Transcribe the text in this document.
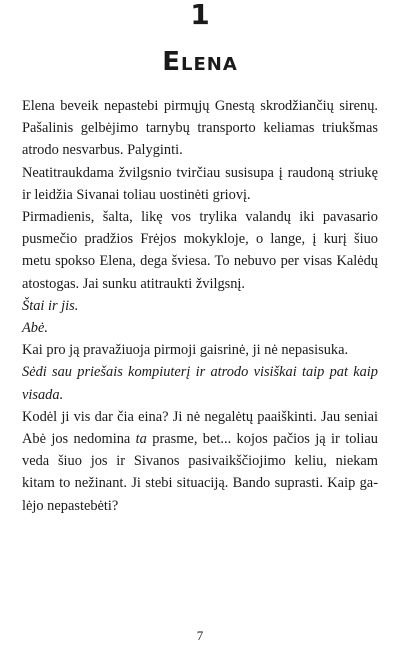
1
Elena

Elena beveik nepastebi pirmųjų Gnestą skrodžiančių sirenų. Pašalinis gelbėjimo tarnybų transporto keliamas triukšmas atrodo nesvarbus. Palyginti.

Neatitraukdama žvilgsnio tvirčiau susisupa į raudoną striukę ir leidžia Sivanai toliau uostinėti griovį.

Pirmadienis, šalta, likę vos trylika valandų iki pavasario pusmečio pradžios Frėjos mokykloje, o lange, į kurį šiuo metu spokso Elena, dega šviesa. To nebuvo per visas Kalėdų atostogas. Jai sunku atitraukti žvilgsnį.

Štai ir jis.

Abė.

Kai pro ją pravažiuoja pirmoji gaisrinė, ji nė nepasisuka.

Sėdi sau priešais kompiuterį ir atrodo visiškai taip pat kaip visada.

Kodėl ji vis dar čia eina? Ji nė negalėtų paaiškinti. Jau seniai Abė jos nedomina ta prasme, bet... kojos pačios ją ir toliau veda šiuo jos ir Sivanos pasivaikščiojimo keliu, niekam kitam to nežinant. Ji stebi situaciją. Bando suprasti. Kaip galėjo nepastebėti?

7
